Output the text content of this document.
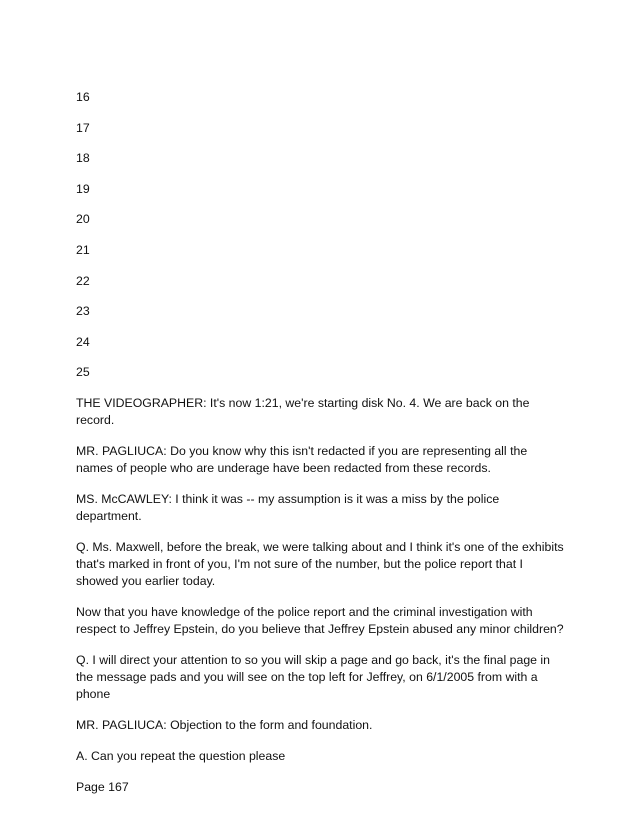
16
17
18
19
20
21
22
23
24
25

THE VIDEOGRAPHER: It's now 1:21, we're starting disk No. 4. We are back on the record.

MR. PAGLIUCA: Do you know why this isn't redacted if you are representing all the names of people who are underage have been redacted from these records.

MS. McCAWLEY: I think it was -- my assumption is it was a miss by the police department.

Q. Ms. Maxwell, before the break, we were talking about and I think it's one of the exhibits that's marked in front of you, I'm not sure of the number, but the police report that I showed you earlier today.

Now that you have knowledge of the police report and the criminal investigation with respect to Jeffrey Epstein, do you believe that Jeffrey Epstein abused any minor children?

Q. I will direct your attention to so you will skip a page and go back, it's the final page in the message pads and you will see on the top left for Jeffrey, on 6/1/2005 from with a phone

MR. PAGLIUCA: Objection to the form and foundation.

A. Can you repeat the question please

Page 167
